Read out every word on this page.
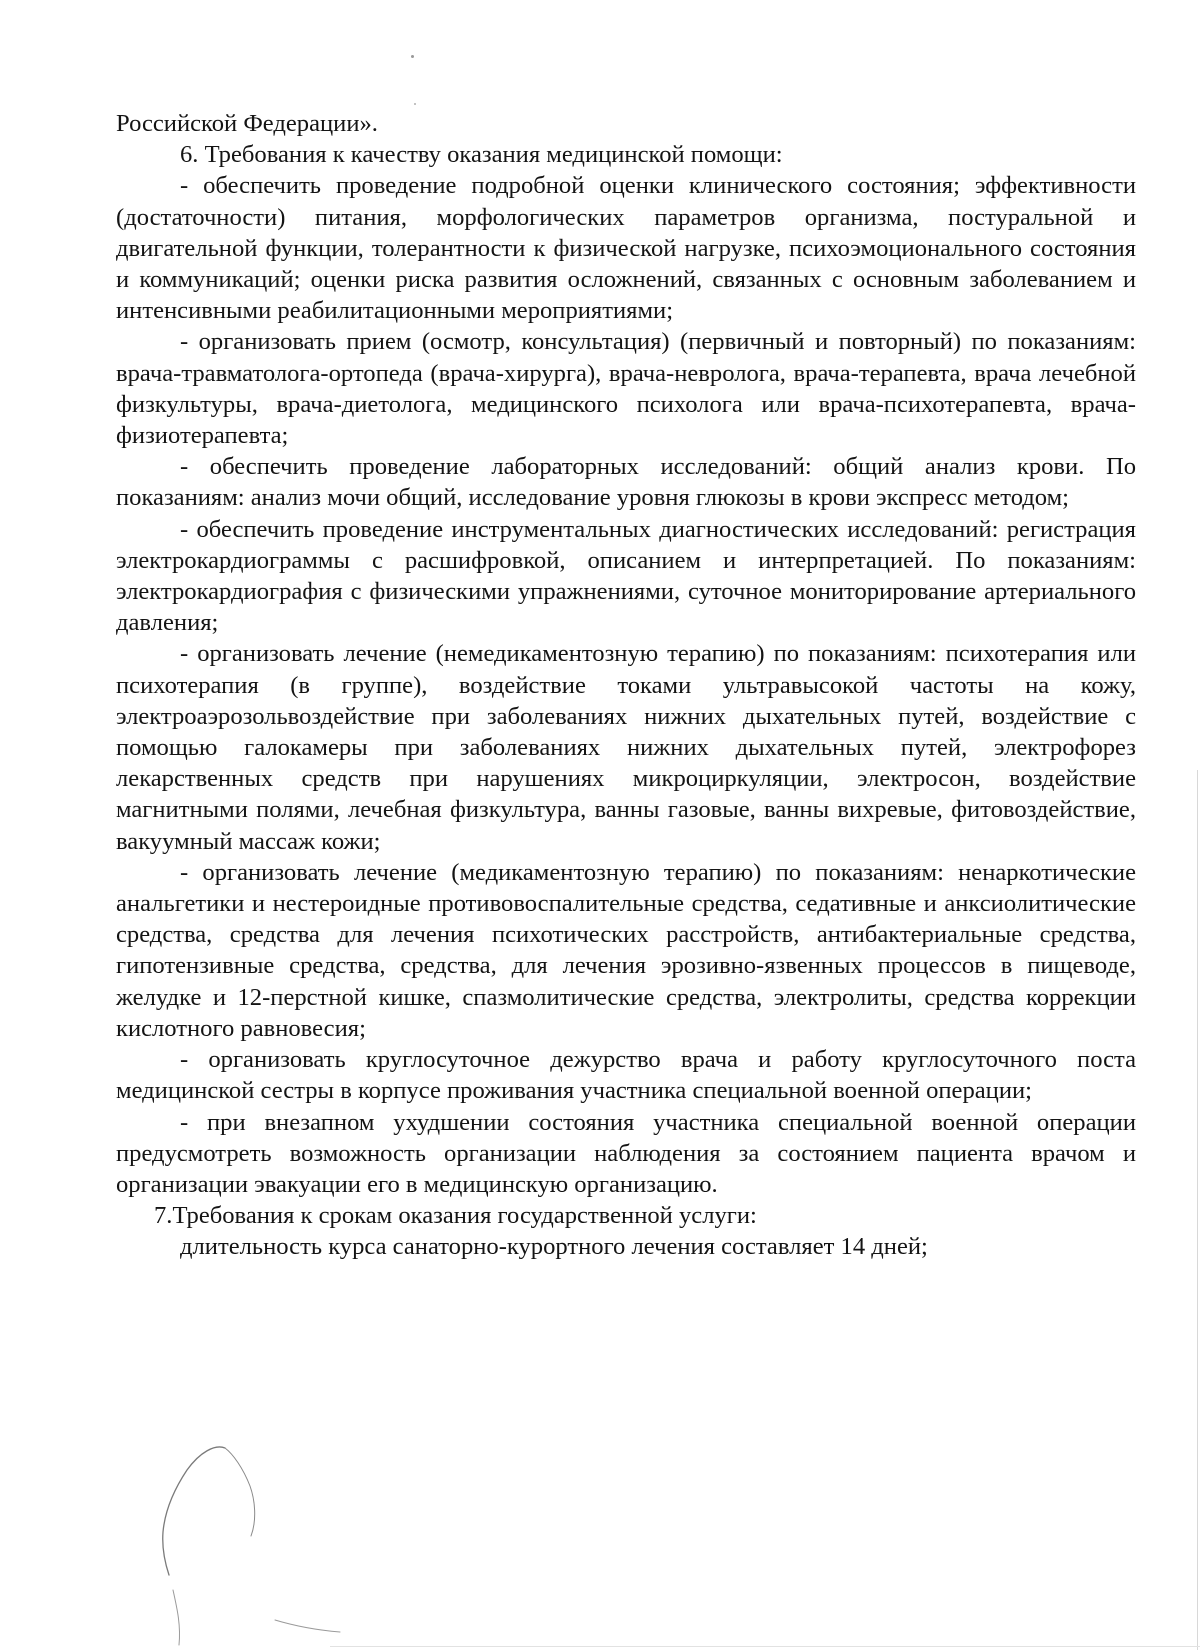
Российской Федерации».

6. Требования к качеству оказания медицинской помощи:

- обеспечить проведение подробной оценки клинического состояния; эффективности (достаточности) питания, морфологических параметров организма, постуральной и двигательной функции, толерантности к физической нагрузке, психоэмоционального состояния и коммуникаций; оценки риска развития осложнений, связанных с основным заболеванием и интенсивными реабилитационными мероприятиями;

- организовать прием (осмотр, консультация) (первичный и повторный) по показаниям: врача-травматолога-ортопеда (врача-хирурга), врача-невролога, врача-терапевта, врача лечебной физкультуры, врача-диетолога, медицинского психолога или врача-психотерапевта, врача-физиотерапевта;

- обеспечить проведение лабораторных исследований: общий анализ крови. По показаниям: анализ мочи общий, исследование уровня глюкозы в крови экспресс методом;

- обеспечить проведение инструментальных диагностических исследований: регистрация электрокардиограммы с расшифровкой, описанием и интерпретацией. По показаниям: электрокардиография с физическими упражнениями, суточное мониторирование артериального давления;

- организовать лечение (немедикаментозную терапию) по показаниям: психотерапия или психотерапия (в группе), воздействие токами ультравысокой частоты на кожу, электроаэрозольвоздействие при заболеваниях нижних дыхательных путей, воздействие с помощью галокамеры при заболеваниях нижних дыхательных путей, электрофорез лекарственных средств при нарушениях микроциркуляции, электросон, воздействие магнитными полями, лечебная физкультура, ванны газовые, ванны вихревые, фитовоздействие, вакуумный массаж кожи;

- организовать лечение (медикаментозную терапию) по показаниям: ненаркотические анальгетики и нестероидные противовоспалительные средства, седативные и анксиолитические средства, средства для лечения психотических расстройств, антибактериальные средства, гипотензивные средства, средства, для лечения эрозивно-язвенных процессов в пищеводе, желудке и 12-перстной кишке, спазмолитические средства, электролиты, средства коррекции кислотного равновесия;

- организовать круглосуточное дежурство врача и работу круглосуточного поста медицинской сестры в корпусе проживания участника специальной военной операции;

- при внезапном ухудшении состояния участника специальной военной операции предусмотреть возможность организации наблюдения за состоянием пациента врачом и организации эвакуации его в медицинскую организацию.

7.Требования к срокам оказания государственной услуги:

длительность курса санаторно-курортного лечения составляет 14 дней;
